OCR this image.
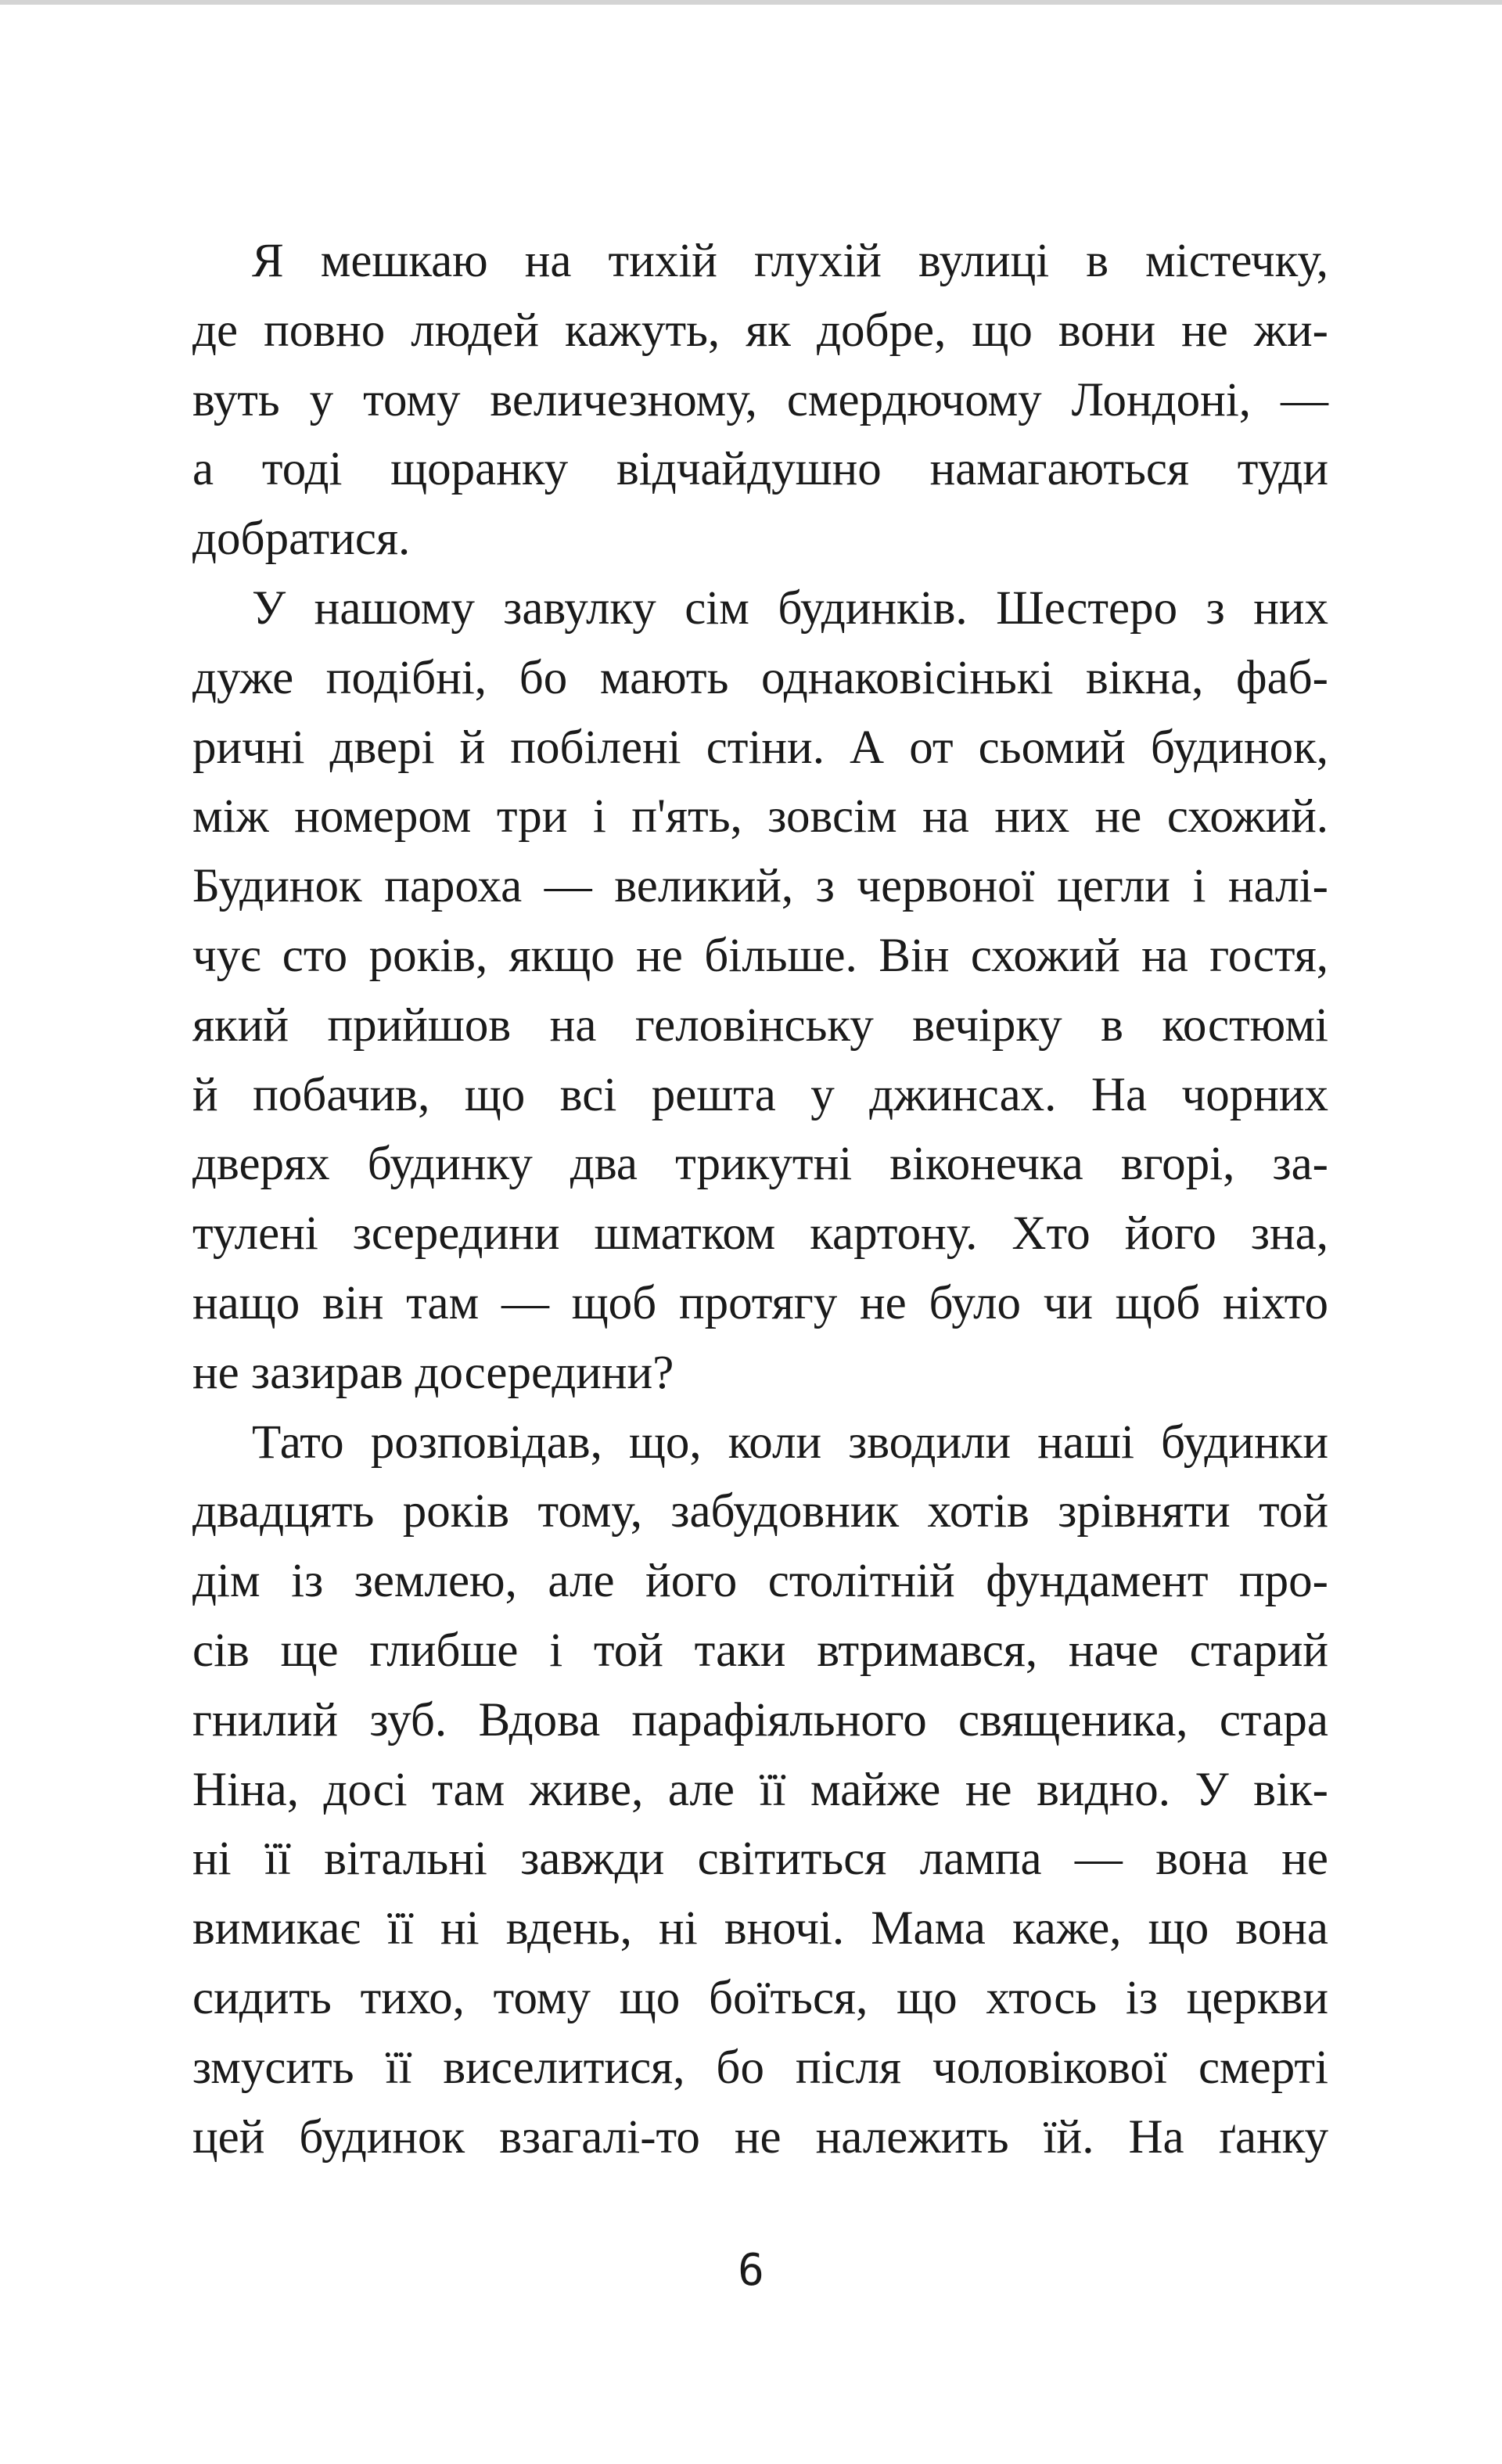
Я мешкаю на тихій глухій вулиці в містечку,
де повно людей кажуть, як добре, що вони не жи-
вуть у тому величезному, смердючому Лондоні, —
а тоді щоранку відчайдушно намагаються туди
добратися.
У нашому завулку сім будинків. Шестеро з них
дуже подібні, бо мають однаковісінькі вікна, фаб-
ричні двері й побілені стіни. А от сьомий будинок,
між номером три і п'ять, зовсім на них не схожий.
Будинок пароха — великий, з червоної цегли і налі-
чує сто років, якщо не більше. Він схожий на гостя,
який прийшов на геловінську вечірку в костюмі
й побачив, що всі решта у джинсах. На чорних
дверях будинку два трикутні віконечка вгорі, за-
тулені зсередини шматком картону. Хто його зна,
нащо він там — щоб протягу не було чи щоб ніхто
не зазирав досередини?
Тато розповідав, що, коли зводили наші будинки
двадцять років тому, забудовник хотів зрівняти той
дім із землею, але його столітній фундамент про-
сів ще глибше і той таки втримався, наче старий
гнилий зуб. Вдова парафіяльного священика, стара
Ніна, досі там живе, але її майже не видно. У вік-
ні її вітальні завжди світиться лампа — вона не
вимикає її ні вдень, ні вночі. Мама каже, що вона
сидить тихо, тому що боїться, що хтось із церкви
змусить її виселитися, бо після чоловікової смерті
цей будинок взагалі-то не належить їй. На ґанку
6
